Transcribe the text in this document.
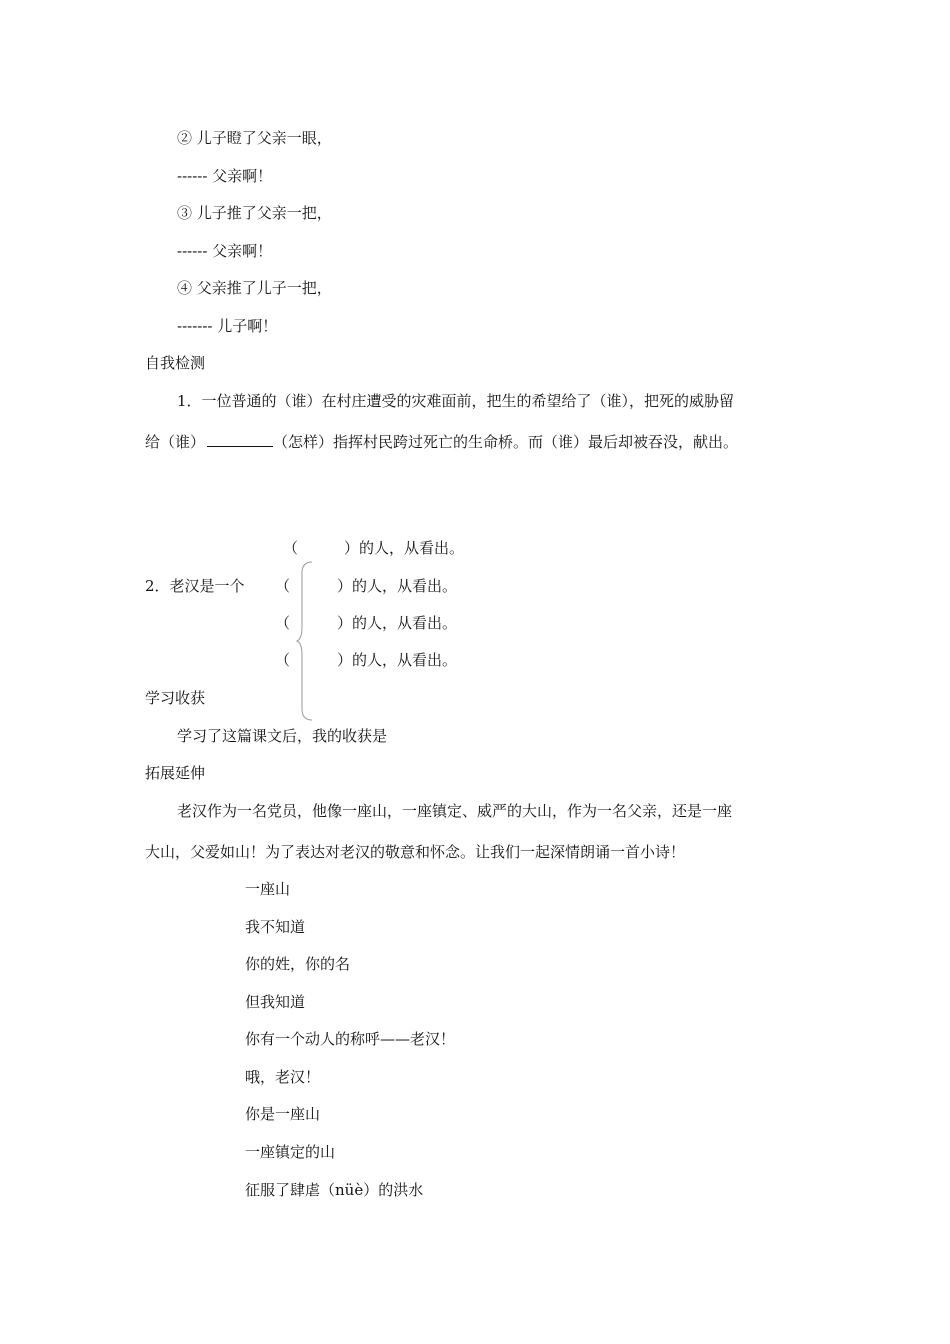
② 儿子瞪了父亲一眼，
------ 父亲啊！
③ 儿子推了父亲一把，
------ 父亲啊！
④ 父亲推了儿子一把，
------- 儿子啊！
自我检测
1．一位普通的（谁）在村庄遭受的灾难面前，把生的希望给了（谁），把死的威胁留
给（谁）	（怎样）指挥村民跨过死亡的生命桥。而（谁）最后却被吞没，献出。
（	）的人，从看出。
2．老汉是一个 （	）的人，从看出。
（	）的人，从看出。
（	）的人，从看出。
学习收获
学习了这篇课文后，我的收获是
拓展延伸
老汉作为一名党员，他像一座山，一座镇定、威严的大山，作为一名父亲，还是一座
大山，父爱如山！为了表达对老汉的敬意和怀念。让我们一起深情朗诵一首小诗！
一座山
我不知道
你的姓，你的名
但我知道
你有一个动人的称呼——老汉！
哦，老汉！
你是一座山
一座镇定的山
征服了肆虐（nüè）的洪水
